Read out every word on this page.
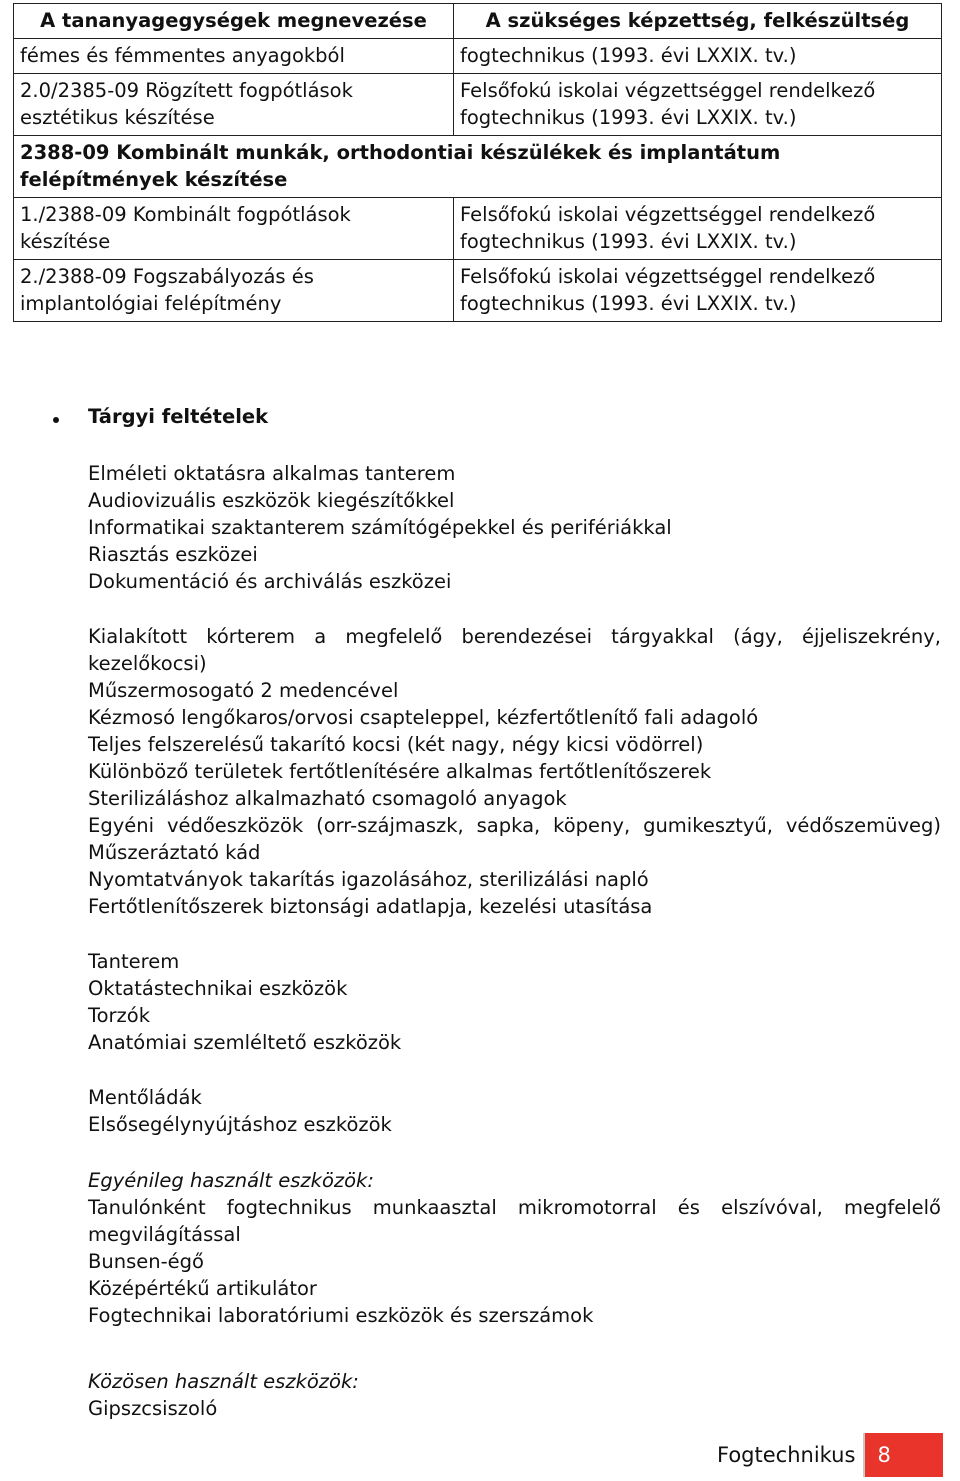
A tananyagegységek megnevezése	A szükséges képzettség, felkészültség
fémes és fémmentes anyagokból	fogtechnikus (1993. évi LXXIX. tv.)
2.0/2385-09 Rögzített fogpótlások esztétikus készítése	Felsőfokú iskolai végzettséggel rendelkező fogtechnikus (1993. évi LXXIX. tv.)
2388-09 Kombinált munkák, orthodontiai készülékek és implantátum felépítmények készítése	
1./2388-09 Kombinált fogpótlások készítése	Felsőfokú iskolai végzettséggel rendelkező fogtechnikus (1993. évi LXXIX. tv.)
2./2388-09 Fogszabályozás és implantológiai felépítmény	Felsőfokú iskolai végzettséggel rendelkező fogtechnikus (1993. évi LXXIX. tv.)
Tárgyi feltételek
Elméleti oktatásra alkalmas tanterem
Audiovizuális eszközök kiegészítőkkel
Informatikai szaktanterem számítógépekkel és perifériákkal
Riasztás eszközei
Dokumentáció és archiválás eszközei
Kialakított kórterem a megfelelő berendezései tárgyakkal (ágy, éjjeliszekrény,
kezelőkocsi)
Műszermosogató 2 medencével
Kézmosó lengőkaros/orvosi csapteleppel, kézfertőtlenítő fali adagoló
Teljes felszerelésű takarító kocsi (két nagy, négy kicsi vödörrel)
Különböző területek fertőtlenítésére alkalmas fertőtlenítőszerek
Sterilizáláshoz alkalmazható csomagoló anyagok
Egyéni védőeszközök (orr-szájmaszk, sapka, köpeny, gumikesztyű, védőszemüveg)
Műszeráztató kád
Nyomtatványok takarítás igazolásához, sterilizálási napló
Fertőtlenítőszerek biztonsági adatlapja, kezelési utasítása
Tanterem
Oktatástechnikai eszközök
Torzók
Anatómiai szemléltető eszközök
Mentőládák
Elsősegélynyújtáshoz eszközök
Egyénileg használt eszközök:
Tanulónként fogtechnikus munkaasztal mikromotorral és elszívóval, megfelelő
megvilágítással
Bunsen-égő
Középértékű artikulátor
Fogtechnikai laboratóriumi eszközök és szerszámok
Közösen használt eszközök:
Gipszcsiszoló
Fogtechnikus	8
